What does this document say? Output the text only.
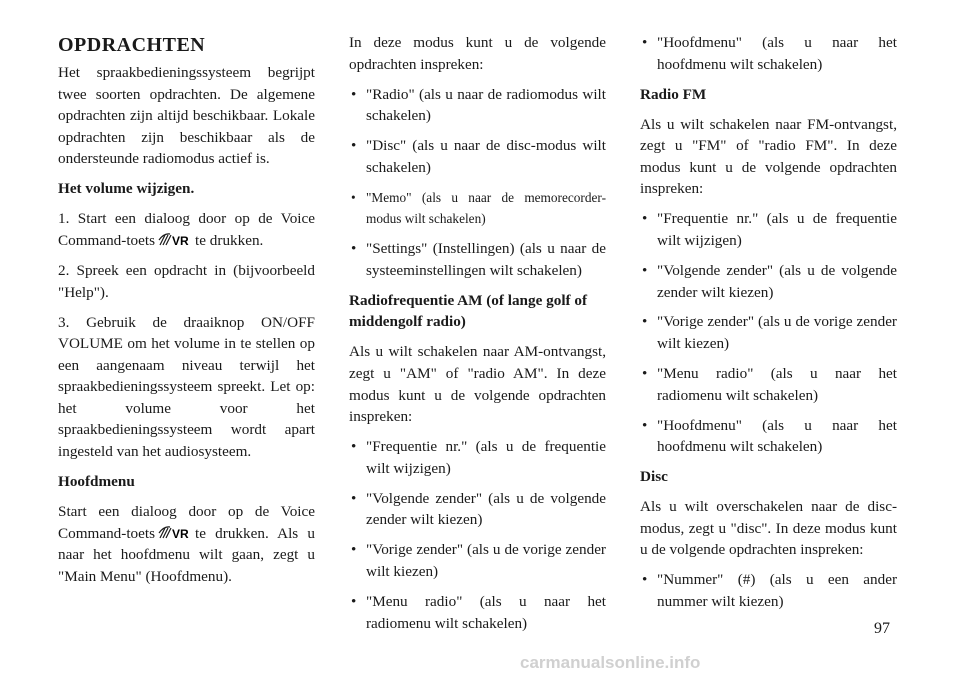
OPDRACHTEN
Het spraakbedieningssysteem begrijpt twee soorten opdrachten. De algemene opdrachten zijn altijd beschikbaar. Lokale opdrachten zijn beschikbaar als de ondersteunde radiomodus actief is.
Het volume wijzigen.
1. Start een dialoog door op de Voice Command-toets VR te drukken.
2. Spreek een opdracht in (bijvoorbeeld "Help").
3. Gebruik de draaiknop ON/OFF VOLUME om het volume in te stellen op een aangenaam niveau terwijl het spraakbedieningssysteem spreekt. Let op: het volume voor het spraakbedieningssysteem wordt apart ingesteld van het audiosysteem.
Hoofdmenu
Start een dialoog door op de Voice Command-toets VR te drukken. Als u naar het hoofdmenu wilt gaan, zegt u "Main Menu" (Hoofdmenu).
In deze modus kunt u de volgende opdrachten inspreken:
• "Radio" (als u naar de radiomodus wilt schakelen)
• "Disc" (als u naar de disc-modus wilt schakelen)
• "Memo" (als u naar de memorecorder-modus wilt schakelen)
• "Settings" (Instellingen) (als u naar de systeeminstellingen wilt schakelen)
Radiofrequentie AM (of lange golf of middengolf radio)
Als u wilt schakelen naar AM-ontvangst, zegt u "AM" of "radio AM". In deze modus kunt u de volgende opdrachten inspreken:
• "Frequentie nr." (als u de frequentie wilt wijzigen)
• "Volgende zender" (als u de volgende zender wilt kiezen)
• "Vorige zender" (als u de vorige zender wilt kiezen)
• "Menu radio" (als u naar het radiomenu wilt schakelen)
• "Hoofdmenu" (als u naar het hoofdmenu wilt schakelen)
Radio FM
Als u wilt schakelen naar FM-ontvangst, zegt u "FM" of "radio FM". In deze modus kunt u de volgende opdrachten inspreken:
• "Frequentie nr." (als u de frequentie wilt wijzigen)
• "Volgende zender" (als u de volgende zender wilt kiezen)
• "Vorige zender" (als u de vorige zender wilt kiezen)
• "Menu radio" (als u naar het radiomenu wilt schakelen)
• "Hoofdmenu" (als u naar het hoofdmenu wilt schakelen)
Disc
Als u wilt overschakelen naar de disc-modus, zegt u "disc". In deze modus kunt u de volgende opdrachten inspreken:
• "Nummer" (#) (als u een ander nummer wilt kiezen)
97
carmanualsonline.info
